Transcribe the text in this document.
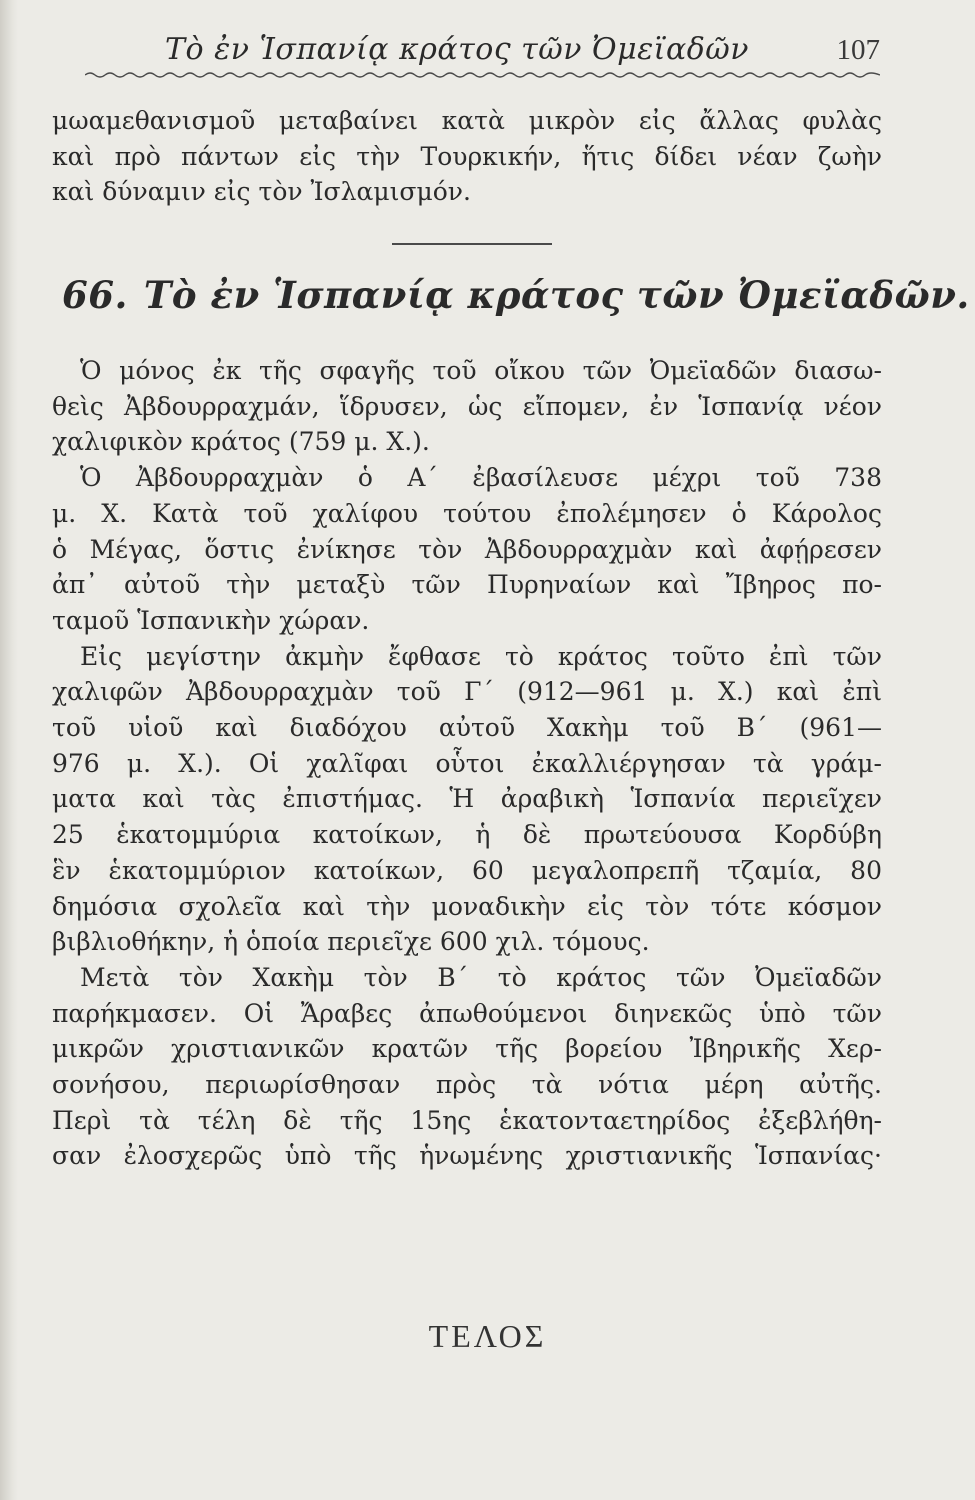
Τὸ ἐν Ἱσπανίᾳ κράτος τῶν Ὀμεϊαδῶν	107
μωαμεθανισμοῦ μεταβαίνει κατὰ μικρὸν εἰς ἄλλας φυλὰς
καὶ πρὸ πάντων εἰς τὴν Τουρκικήν, ἥτις δίδει νέαν ζωὴν
καὶ δύναμιν εἰς τὸν Ἰσλαμισμόν.
66. Τὸ ἐν Ἱσπανίᾳ κράτος τῶν Ὀμεϊαδῶν.
Ὁ μόνος ἐκ τῆς σφαγῆς τοῦ οἴκου τῶν Ὀμεϊαδῶν διασω-
θεὶς Ἀβδουρραχμάν, ἵδρυσεν, ὡς εἴπομεν, ἐν Ἱσπανίᾳ νέον
χαλιφικὸν κράτος (759 μ. Χ.).
Ὁ Ἀβδουρραχμὰν ὁ Α΄ ἐβασίλευσε μέχρι τοῦ 738
μ. Χ. Κατὰ τοῦ χαλίφου τούτου ἐπολέμησεν ὁ Κάρολος
ὁ Μέγας, ὅστις ἐνίκησε τὸν Ἀβδουρραχμὰν καὶ ἀφῄρεσεν
ἀπ᾽ αὐτοῦ τὴν μεταξὺ τῶν Πυρηναίων καὶ Ἴβηρος πο-
ταμοῦ Ἱσπανικὴν χώραν.
Εἰς μεγίστην ἀκμὴν ἔφθασε τὸ κράτος τοῦτο ἐπὶ τῶν
χαλιφῶν Ἀβδουρραχμὰν τοῦ Γ΄ (912—961 μ. Χ.) καὶ ἐπὶ
τοῦ υἱοῦ καὶ διαδόχου αὐτοῦ Χακὴμ τοῦ Β΄ (961—
976 μ. Χ.). Οἱ χαλῖφαι οὗτοι ἐκαλλιέργησαν τὰ γράμ-
ματα καὶ τὰς ἐπιστήμας. Ἡ ἀραβικὴ Ἱσπανία περιεῖχεν
25 ἑκατομμύρια κατοίκων, ἡ δὲ πρωτεύουσα Κορδύβη
ἓν ἑκατομμύριον κατοίκων, 60 μεγαλοπρεπῆ τζαμία, 80
δημόσια σχολεῖα καὶ τὴν μοναδικὴν εἰς τὸν τότε κόσμον
βιβλιοθήκην, ἡ ὁποία περιεῖχε 600 χιλ. τόμους.
Μετὰ τὸν Χακὴμ τὸν Β΄ τὸ κράτος τῶν Ὀμεϊαδῶν
παρήκμασεν. Οἱ Ἄραβες ἀπωθούμενοι διηνεκῶς ὑπὸ τῶν
μικρῶν χριστιανικῶν κρατῶν τῆς βορείου Ἰβηρικῆς Χερ-
σονήσου, περιωρίσθησαν πρὸς τὰ νότια μέρη αὐτῆς.
Περὶ τὰ τέλη δὲ τῆς 15ης ἑκατονταετηρίδος ἐξεβλήθη-
σαν ἐλοσχερῶς ὑπὸ τῆς ἡνωμένης χριστιανικῆς Ἱσπανίας·
ΤΕΛΟΣ
